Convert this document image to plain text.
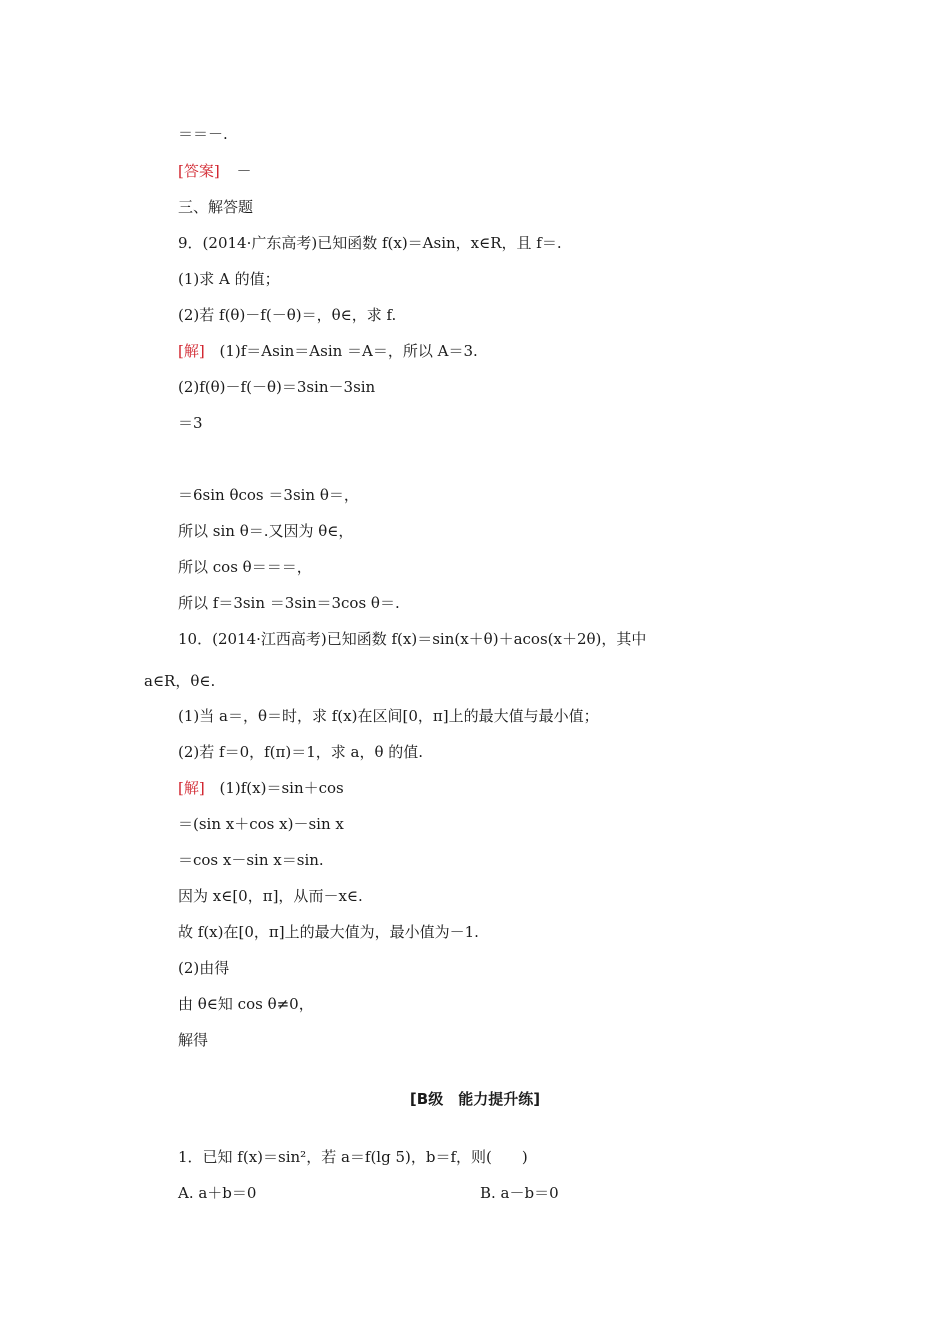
＝＝－.
[答案] －
三、解答题
9．(2014·广东高考)已知函数 f(x)＝Asin，x∈R，且 f＝.
(1)求 A 的值；
(2)若 f(θ)－f(－θ)＝，θ∈，求 f.
[解] (1)f＝Asin＝Asin ＝A＝，所以 A＝3.
(2)f(θ)－f(－θ)＝3sin－3sin
＝3
＝6sin θcos ＝3sin θ＝，
所以 sin θ＝.又因为 θ∈，
所以 cos θ＝＝＝，
所以 f＝3sin ＝3sin＝3cos θ＝.
10．(2014·江西高考)已知函数 f(x)＝sin(x＋θ)＋acos(x＋2θ)，其中
a∈R，θ∈.
(1)当 a＝，θ＝时，求 f(x)在区间[0，π]上的最大值与最小值；
(2)若 f＝0，f(π)＝1，求 a，θ 的值.
[解] (1)f(x)＝sin＋cos
＝(sin x＋cos x)－sin x
＝cos x－sin x＝sin.
因为 x∈[0，π]，从而－x∈.
故 f(x)在[0，π]上的最大值为，最小值为－1.
(2)由得
由 θ∈知 cos θ≠0，
解得
[B级　能力提升练]
1．已知 f(x)＝sin²，若 a＝f(lg 5)，b＝f，则(　　)
A. a＋b＝0	B. a－b＝0
